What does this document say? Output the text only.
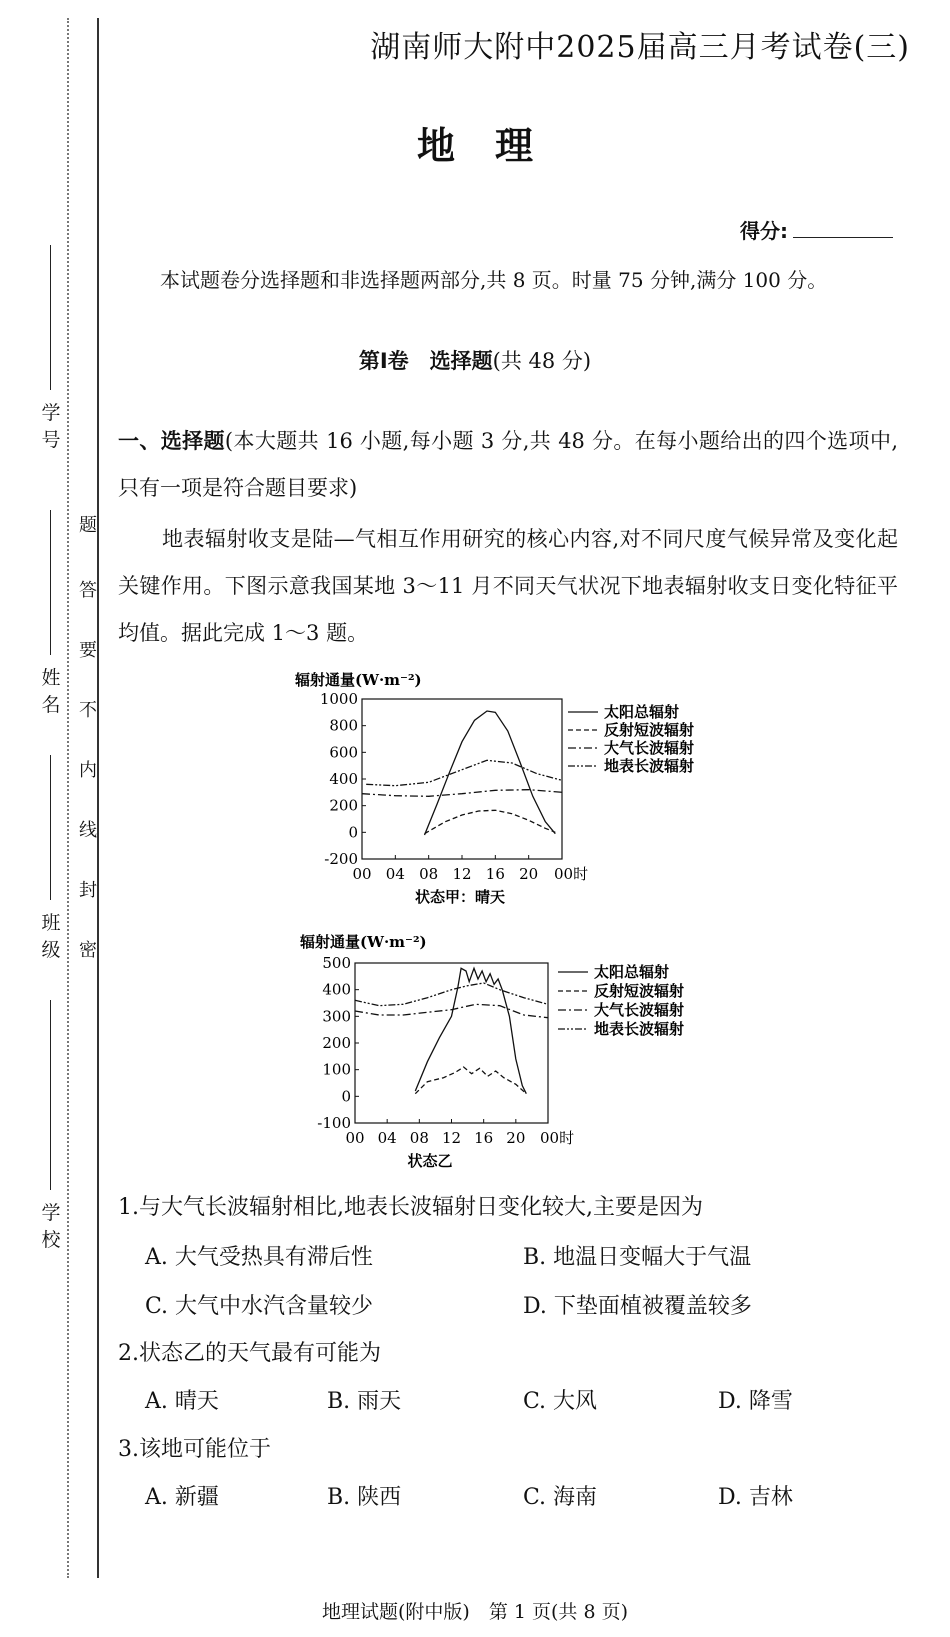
学 号
姓 名
班 级
学 校
密
封
线
内
不
要
答
题
湖南师大附中2025届高三月考试卷(三)
地理
得分:
本试题卷分选择题和非选择题两部分,共 8 页。时量 75 分钟,满分 100 分。
第Ⅰ卷　 选择题(共 48 分)
一、选择题(本大题共 16 小题,每小题 3 分,共 48 分。在每小题给出的四个选项中,只有一项是符合题目要求)
地表辐射收支是陆—气相互作用研究的核心内容,对不同尺度气候异常及变化起关键作用。下图示意我国某地 3～11 月不同天气状况下地表辐射收支日变化特征平均值。据此完成 1～3 题。
辐射通量(W·m⁻²)
1000
800
600
400
200
0
-200
00 04 08 12 16 20 00时
太阳总辐射
反射短波辐射
大气长波辐射
地表长波辐射
状态甲：晴天
辐射通量(W·m⁻²)
500
400
300
200
100
0
-100
00 04 08 12 16 20 00时
太阳总辐射
反射短波辐射
大气长波辐射
地表长波辐射
状态乙
1.与大气长波辐射相比,地表长波辐射日变化较大,主要是因为
A. 大气受热具有滞后性	B. 地温日变幅大于气温
C. 大气中水汽含量较少	D. 下垫面植被覆盖较多
2.状态乙的天气最有可能为
A. 晴天	B. 雨天	C. 大风	D. 降雪
3.该地可能位于
A. 新疆	B. 陕西	C. 海南	D. 吉林
地理试题(附中版)　第 1 页(共 8 页)
